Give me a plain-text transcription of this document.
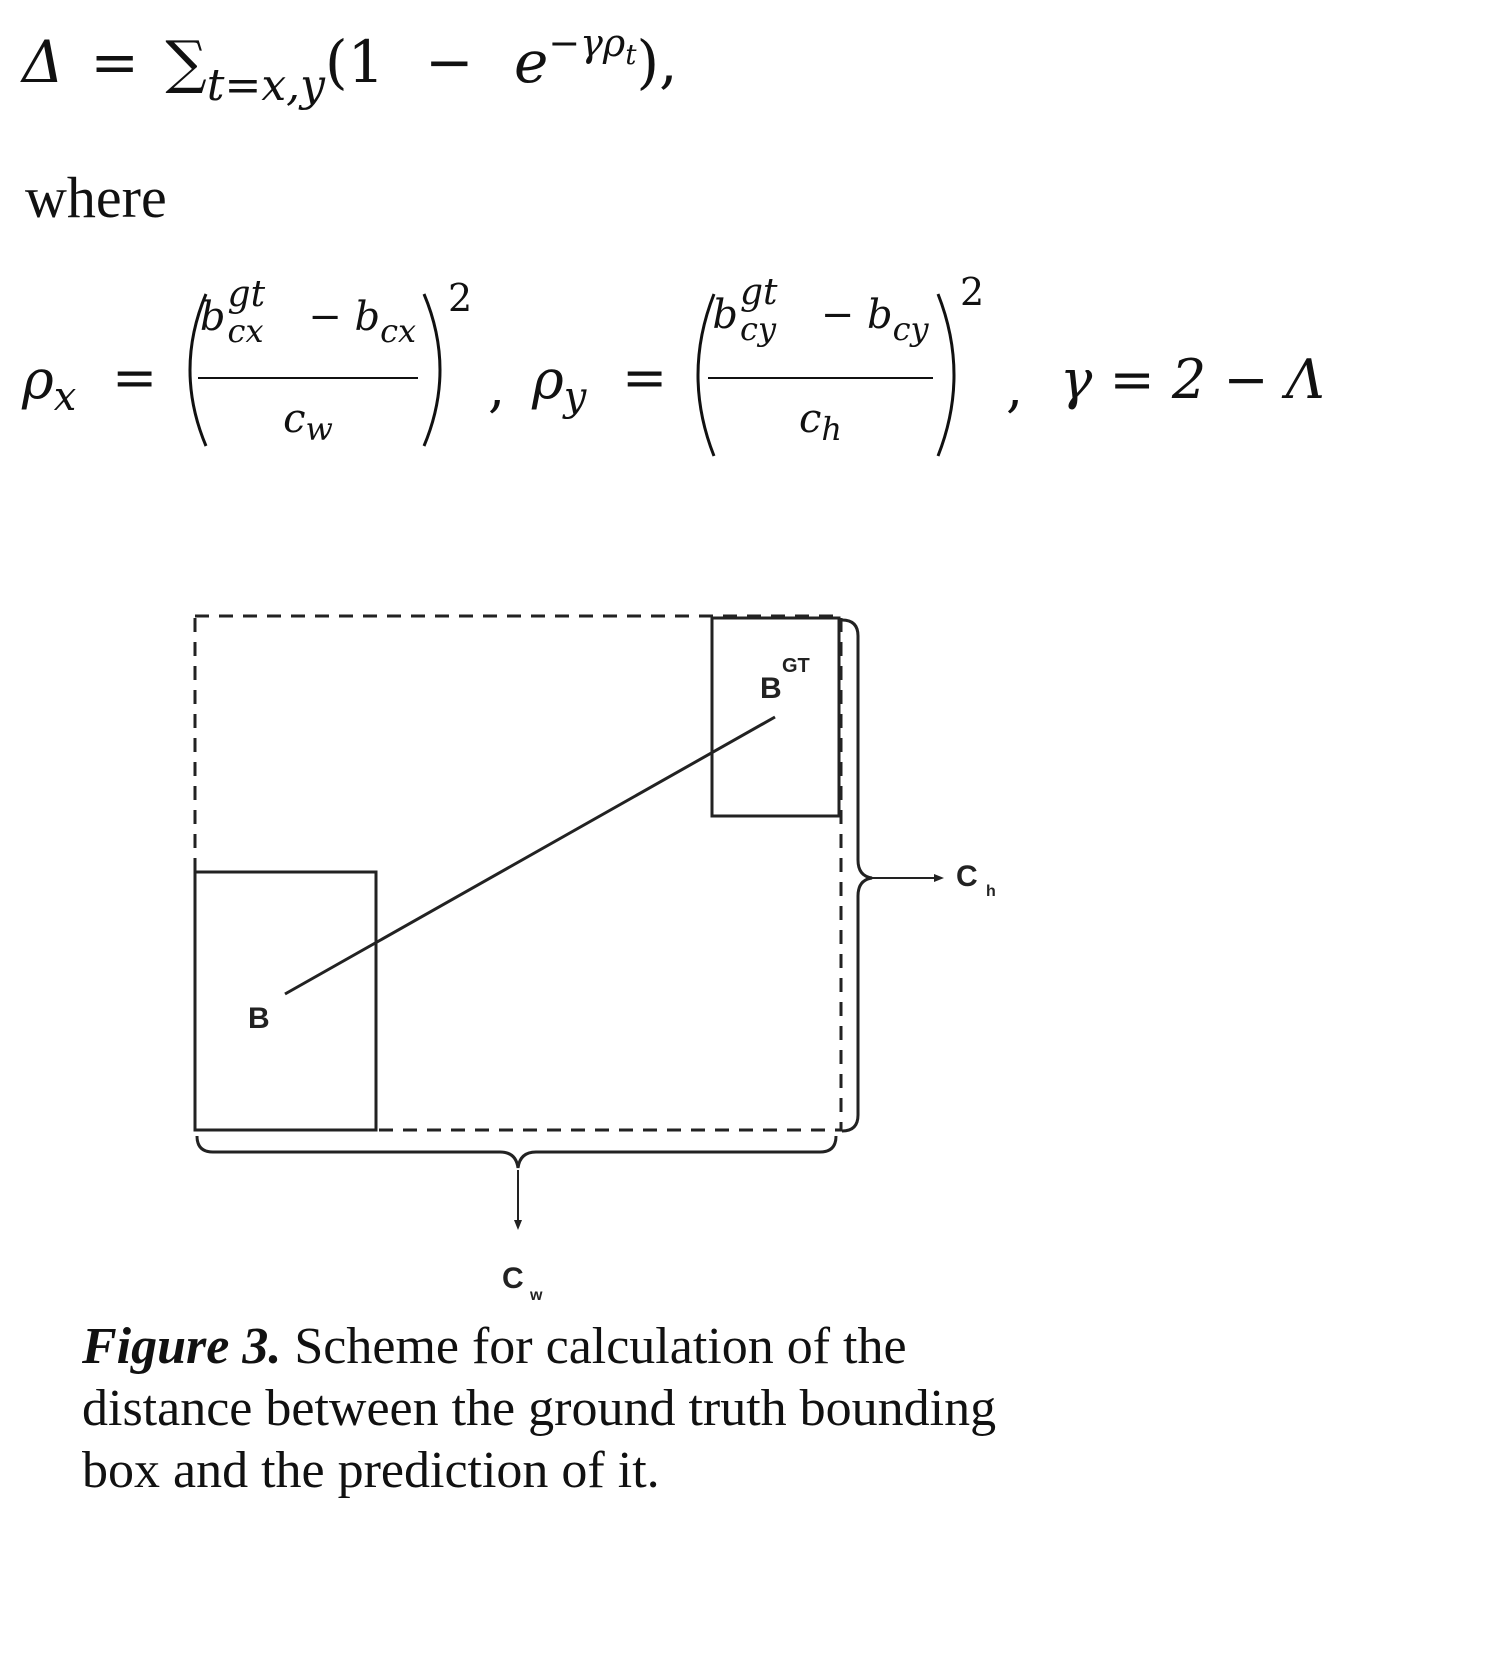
$\Delta = \sum_{t=x,y}(1 - e^{-\gamma\rho_t})$,
where
$\rho_x$ =
b gt
cx − $b_{cx}$
$c_w$
2
, $\rho_y$ =
b gt
cy − $b_{cy}$
$c_h$
2
, γ = 2 − Λ
B
B
GT
C h
C
w
Figure 3. Scheme for calculation of the
distance between the ground truth bounding
box and the prediction of it.
